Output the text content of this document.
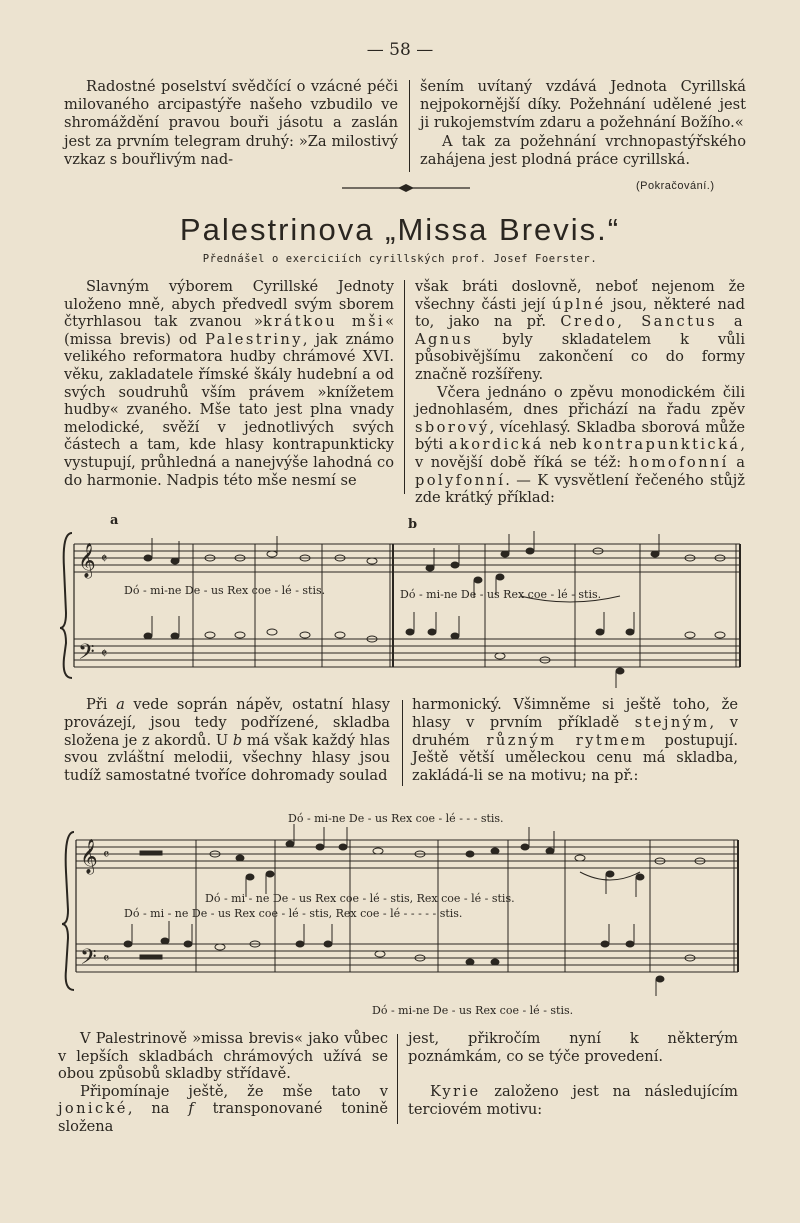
— 58 —

Radostné poselství svědčící o vzácné péči milovaného arcipastýře našeho vzbudilo ve shromáždění pravou bouři jásotu a zaslán jest za prvním telegram druhý: »Za milostivý vzkaz s bouřlivým nad-

šením uvítaný vzdává Jednota Cyrillská nejpokornější díky. Požehnání udělené jest ji rukojemstvím zdaru a požehnání Božího.«

A tak za požehnání vrchnopastýřského zahájena jest plodná práce cyrillská.

(Pokračování.)
Palestrinova „Missa Brevis.“
Přednášel o exerciciích cyrillských prof. Josef Foerster.

Slavným výborem Cyrillské Jednoty uloženo mně, abych předvedl svým sborem čtyrhlasou tak zvanou »krátkou mši« (missa brevis) od Palestriny, jak známo velikého reformatora hudby chrámové XVI. věku, zakladatele římské škály hudební a od svých soudruhů vším právem »knížetem hudby« zvaného. Mše tato jest plna vnady melodické, svěží v jednotlivých svých částech a tam, kde hlasy kontrapunkticky vystupují, průhledná a nanejvýše lahodná co do harmonie. Nadpis této mše nesmí se

však bráti doslovně, neboť nejenom že všechny části její úplné jsou, některé nad to, jako na př. Credo, Sanctus a Agnus byly skladatelem k vůli působivějšímu zakončení co do formy značně rozšířeny.

Včera jednáno o zpěvu monodickém čili jednohlasém, dnes přichází na řadu zpěv sborový, vícehlasý. Skladba sborová může býti akordická neb kontrapunktická, v novější době říká se též: homofonní a polyfonní. — K vysvětlení řečeného stůjž zde krátký příklad:

a	b
𝄞
𝄢
𝄵
𝄵
Dó - mi-ne De - us Rex coe - lé - stis.	Dó - mi-ne De - us Rex coe - lé - stis.

Při a vede soprán nápěv, ostatní hlasy provázejí, jsou tedy podřízené, skladba složena je z akordů. U b má však každý hlas svou zvláštní melodii, všechny hlasy jsou tudíž samostatné tvoříce dohromady soulad

harmonický. Všimněme si ještě toho, že hlasy v prvním příkladě stejným, v druhém různým rytmem postupují. Ještě větší uměleckou cenu má skladba, zakládá-li se na motivu; na př.:

Dó - mi-ne De - us Rex coe - lé - - - stis.
𝄞
𝄢
𝄴
𝄴
Dó - mi - ne De - us Rex coe - lé - stis, Rex coe - lé - stis.
Dó - mi - ne De - us Rex coe - lé - stis, Rex coe - lé - - - - - stis.
Dó - mi-ne De - us Rex coe - lé - stis.

V Palestrinově »missa brevis« jako vůbec v lepších skladbách chrámových užívá se obou způsobů skladby střídavě.

Připomínaje ještě, že mše tato v jonické, na f transponované tonině složena

jest, přikročím nyní k některým poznámkám, co se týče provedení.

Kyrie založeno jest na následujícím terciovém motivu:
